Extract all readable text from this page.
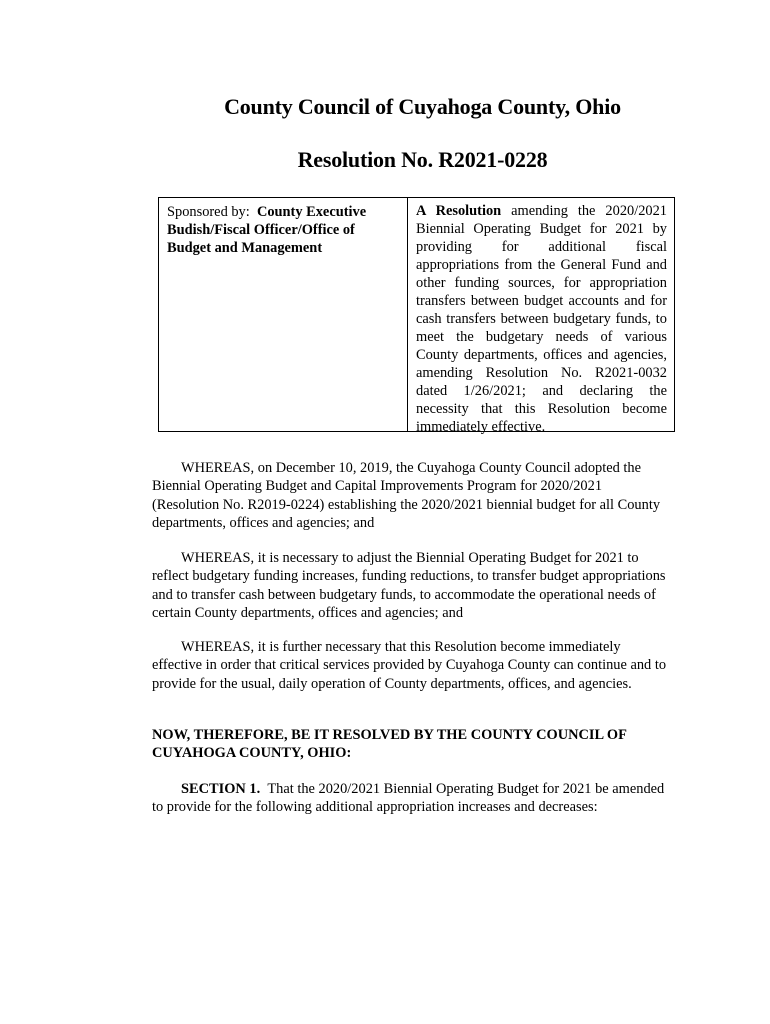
County Council of Cuyahoga County, Ohio
Resolution No. R2021-0228
Sponsored by: County Executive Budish/Fiscal Officer/Office of Budget and Management
A Resolution amending the 2020/2021 Biennial Operating Budget for 2021 by providing for additional fiscal appropriations from the General Fund and other funding sources, for appropriation transfers between budget accounts and for cash transfers between budgetary funds, to meet the budgetary needs of various County departments, offices and agencies, amending Resolution No. R2021-0032 dated 1/26/2021; and declaring the necessity that this Resolution become immediately effective.
WHEREAS, on December 10, 2019, the Cuyahoga County Council adopted the Biennial Operating Budget and Capital Improvements Program for 2020/2021 (Resolution No. R2019-0224) establishing the 2020/2021 biennial budget for all County departments, offices and agencies; and
WHEREAS, it is necessary to adjust the Biennial Operating Budget for 2021 to reflect budgetary funding increases, funding reductions, to transfer budget appropriations and to transfer cash between budgetary funds, to accommodate the operational needs of certain County departments, offices and agencies; and
WHEREAS, it is further necessary that this Resolution become immediately effective in order that critical services provided by Cuyahoga County can continue and to provide for the usual, daily operation of County departments, offices, and agencies.
NOW, THEREFORE, BE IT RESOLVED BY THE COUNTY COUNCIL OF CUYAHOGA COUNTY, OHIO:
SECTION 1. That the 2020/2021 Biennial Operating Budget for 2021 be amended to provide for the following additional appropriation increases and decreases:
